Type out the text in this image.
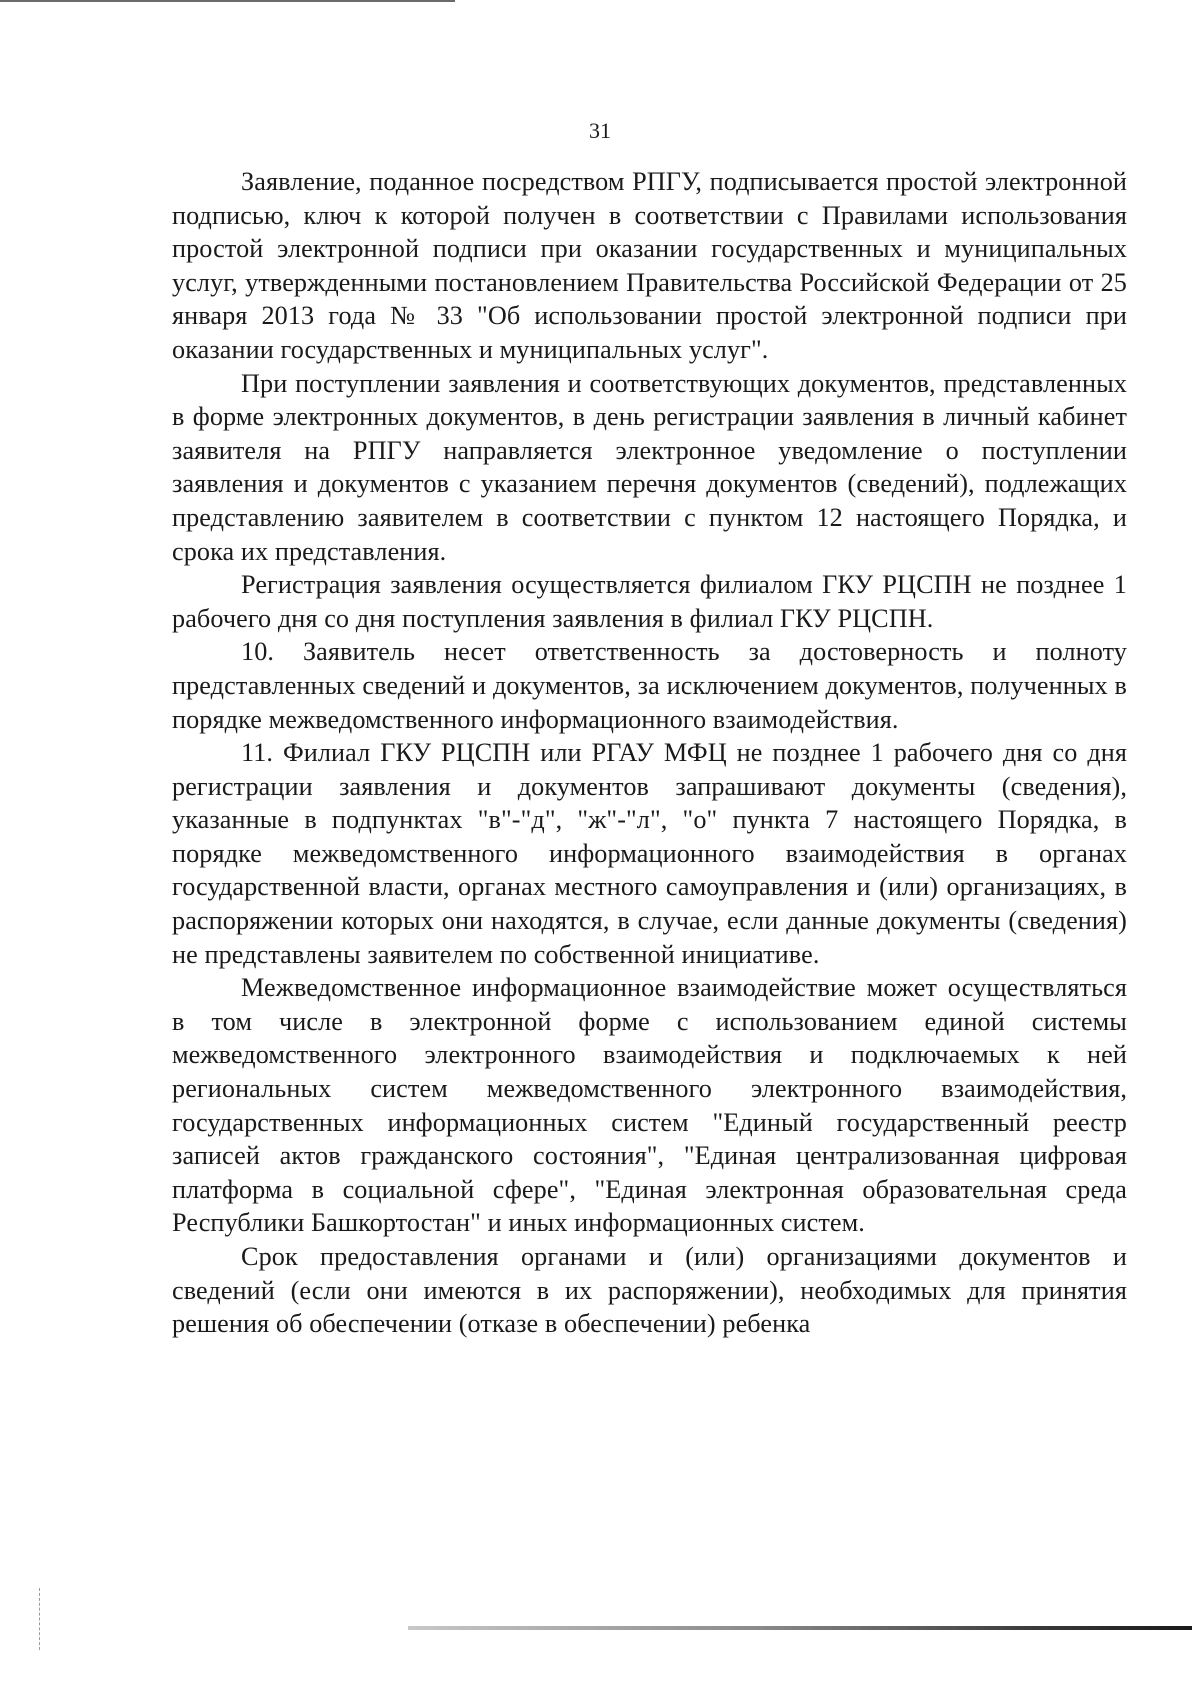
31

Заявление, поданное посредством РПГУ, подписывается простой электронной подписью, ключ к которой получен в соответствии с Правилами использования простой электронной подписи при оказании государственных и муниципальных услуг, утвержденными постановлением Правительства Российской Федерации от 25 января 2013 года № 33 "Об использовании простой электронной подписи при оказании государственных и муниципальных услуг".

При поступлении заявления и соответствующих документов, представленных в форме электронных документов, в день регистрации заявления в личный кабинет заявителя на РПГУ направляется электронное уведомление о поступлении заявления и документов с указанием перечня документов (сведений), подлежащих представлению заявителем в соответствии с пунктом 12 настоящего Порядка, и срока их представления.

Регистрация заявления осуществляется филиалом ГКУ РЦСПН не позднее 1 рабочего дня со дня поступления заявления в филиал ГКУ РЦСПН.

10. Заявитель несет ответственность за достоверность и полноту представленных сведений и документов, за исключением документов, полученных в порядке межведомственного информационного взаимодействия.

11. Филиал ГКУ РЦСПН или РГАУ МФЦ не позднее 1 рабочего дня со дня регистрации заявления и документов запрашивают документы (сведения), указанные в подпунктах "в"-"д", "ж"-"л", "о" пункта 7 настоящего Порядка, в порядке межведомственного информационного взаимодействия в органах государственной власти, органах местного самоуправления и (или) организациях, в распоряжении которых они находятся, в случае, если данные документы (сведения) не представлены заявителем по собственной инициативе.

Межведомственное информационное взаимодействие может осуществляться в том числе в электронной форме с использованием единой системы межведомственного электронного взаимодействия и подключаемых к ней региональных систем межведомственного электронного взаимодействия, государственных информационных систем "Единый государственный реестр записей актов гражданского состояния", "Единая централизованная цифровая платформа в социальной сфере", "Единая электронная образовательная среда Республики Башкортостан" и иных информационных систем.

Срок предоставления органами и (или) организациями документов и сведений (если они имеются в их распоряжении), необходимых для принятия решения об обеспечении (отказе в обеспечении) ребенка
